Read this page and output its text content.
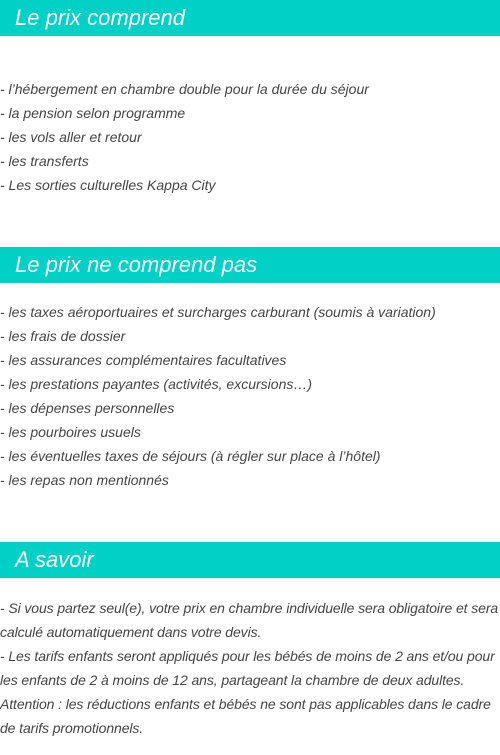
Le prix comprend
- l’hébergement en chambre double pour la durée du séjour
- la pension selon programme
- les vols aller et retour
- les transferts
- Les sorties culturelles Kappa City
Le prix ne comprend pas
- les taxes aéroportuaires et surcharges carburant (soumis à variation)
- les frais de dossier
- les assurances complémentaires facultatives
- les prestations payantes (activités, excursions…)
- les dépenses personnelles
- les pourboires usuels
- les éventuelles taxes de séjours (à régler sur place à l’hôtel)
- les repas non mentionnés
A savoir

- Si vous partez seul(e), votre prix en chambre individuelle sera obligatoire et sera calculé automatiquement dans votre devis.

- Les tarifs enfants seront appliqués pour les bébés de moins de 2 ans et/ou pour les enfants de 2 à moins de 12 ans, partageant la chambre de deux adultes.

Attention : les réductions enfants et bébés ne sont pas applicables dans le cadre de tarifs promotionnels.
